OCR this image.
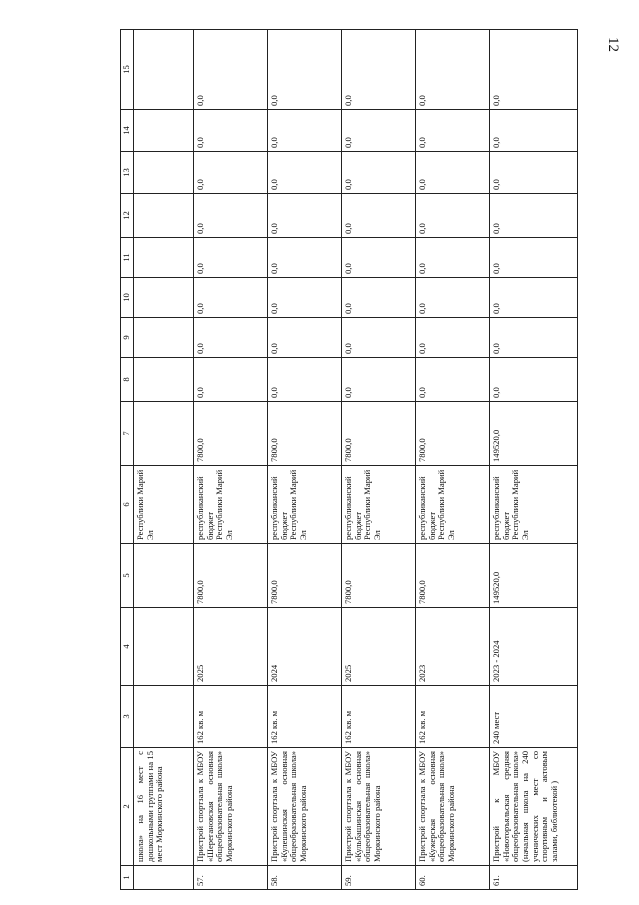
12
1	2	3	4	5	6	7	8	9	10	11	12	13	14	15
	школа» на 16 мест с дошкольными группами на 15 мест Моркинского района				Республики Марий Эл									
57.	Пристрой спортзала к МБОУ «Шерегановская основная общеобразовательная школа» Моркинского района	162 кв. м	2025	7800,0	республиканский бюджет Республики Марий Эл	7800,0	0,0	0,0	0,0	0,0	0,0	0,0	0,0	0,0
58.	Пристрой спортзала к МБОУ «Кулешинская основная общеобразовательная школа» Моркинского района	162 кв. м	2024	7800,0	республиканский бюджет Республики Марий Эл	7800,0	0,0	0,0	0,0	0,0	0,0	0,0	0,0	0,0
59.	Пристрой спортзала к МБОУ «Кульбашинская основная общеобразовательная школа» Моркинского района	162 кв. м	2025	7800,0	республиканский бюджет Республики Марий Эл	7800,0	0,0	0,0	0,0	0,0	0,0	0,0	0,0	0,0
60.	Пристрой спортзала к МБОУ «Кужерская основная общеобразовательная школа» Моркинского района	162 кв. м	2023	7800,0	республиканский бюджет Республики Марий Эл	7800,0	0,0	0,0	0,0	0,0	0,0	0,0	0,0	0,0
61.	Пристрой к МБОУ «Новоторъяльская средняя общеобразовательная школа» (начальная школа на 240 ученических мест со спортивным и актовым залами, библиотекой )	240 мест	2023 - 2024	149520,0	республиканский бюджет Республики Марий Эл	149520,0	0,0	0,0	0,0	0,0	0,0	0,0	0,0	0,0
